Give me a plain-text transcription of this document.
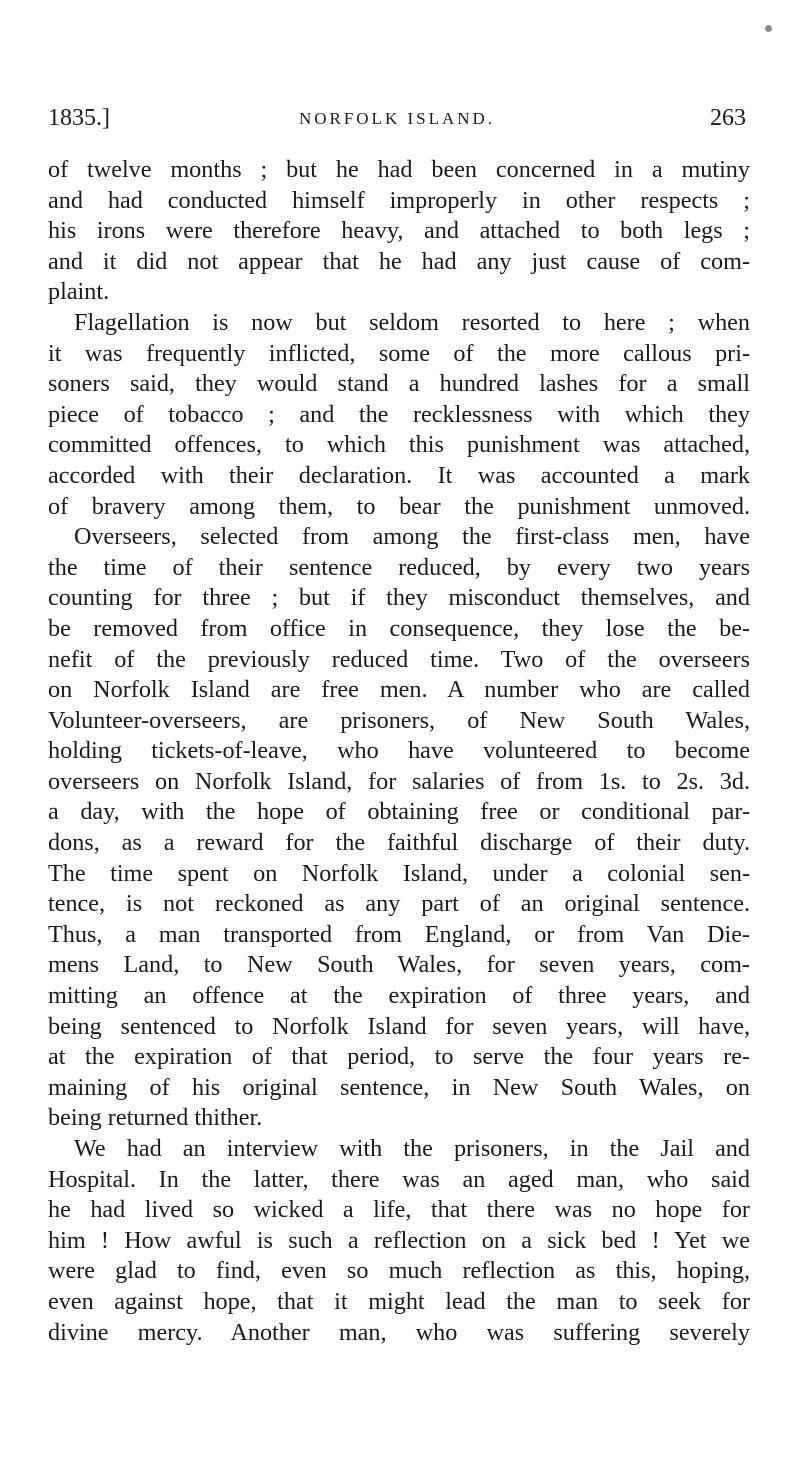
1835.]	NORFOLK ISLAND.	263
of twelve months ; but he had been concerned in a mutiny
and had conducted himself improperly in other respects ;
his irons were therefore heavy, and attached to both legs ;
and it did not appear that he had any just cause of com-
plaint.
Flagellation is now but seldom resorted to here ; when
it was frequently inflicted, some of the more callous pri-
soners said, they would stand a hundred lashes for a small
piece of tobacco ; and the recklessness with which they
committed offences, to which this punishment was attached,
accorded with their declaration. It was accounted a mark
of bravery among them, to bear the punishment unmoved.
Overseers, selected from among the first-class men, have
the time of their sentence reduced, by every two years
counting for three ; but if they misconduct themselves, and
be removed from office in consequence, they lose the be-
nefit of the previously reduced time. Two of the overseers
on Norfolk Island are free men. A number who are called
Volunteer-overseers, are prisoners, of New South Wales,
holding tickets-of-leave, who have volunteered to become
overseers on Norfolk Island, for salaries of from 1s. to 2s. 3d.
a day, with the hope of obtaining free or conditional par-
dons, as a reward for the faithful discharge of their duty.
The time spent on Norfolk Island, under a colonial sen-
tence, is not reckoned as any part of an original sentence.
Thus, a man transported from England, or from Van Die-
mens Land, to New South Wales, for seven years, com-
mitting an offence at the expiration of three years, and
being sentenced to Norfolk Island for seven years, will have,
at the expiration of that period, to serve the four years re-
maining of his original sentence, in New South Wales, on
being returned thither.
We had an interview with the prisoners, in the Jail and
Hospital. In the latter, there was an aged man, who said
he had lived so wicked a life, that there was no hope for
him ! How awful is such a reflection on a sick bed ! Yet we
were glad to find, even so much reflection as this, hoping,
even against hope, that it might lead the man to seek for
divine mercy. Another man, who was suffering severely
